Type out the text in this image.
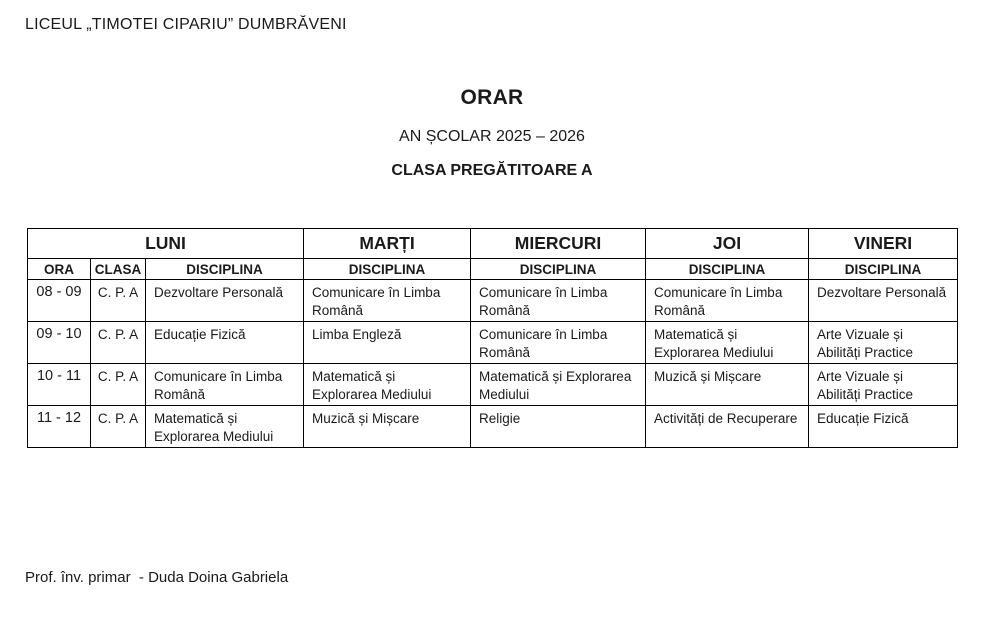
LICEUL „TIMOTEI CIPARIU” DUMBRĂVENI
ORAR
AN ȘCOLAR 2025 – 2026
CLASA PREGĂTITOARE A
LUNI			MARȚI	MIERCURI	JOI	VINERI
ORA	CLASA	DISCIPLINA	DISCIPLINA	DISCIPLINA	DISCIPLINA	DISCIPLINA
08 - 09	C. P. A	Dezvoltare Personală	Comunicare în Limba Română	Comunicare în Limba Română	Comunicare în Limba Română	Dezvoltare Personală
09 - 10	C. P. A	Educație Fizică	Limba Engleză	Comunicare în Limba Română	Matematică și Explorarea Mediului	Arte Vizuale și Abilități Practice
10 - 11	C. P. A	Comunicare în Limba Română	Matematică și Explorarea Mediului	Matematică și Explorarea Mediului	Muzică și Mișcare	Arte Vizuale și Abilități Practice
11 - 12	C. P. A	Matematică și Explorarea Mediului	Muzică și Mișcare	Religie	Activități de Recuperare	Educație Fizică
Prof. înv. primar  - Duda Doina Gabriela
